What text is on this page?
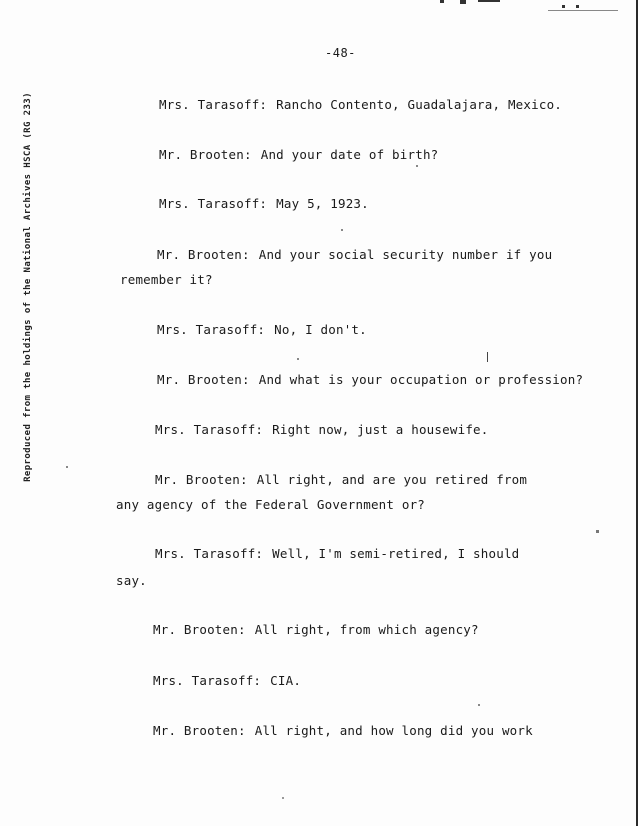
-48-
Reproduced from the holdings of the National Archives HSCA (RG 233)	Mrs. Tarasoff: Rancho Contento, Guadalajara, Mexico.
Mr. Brooten: And your date of birth?
Mrs. Tarasoff: May 5, 1923.
Mr. Brooten: And your social security number if you
remember it?
Mrs. Tarasoff: No, I don't.
Mr. Brooten: And what is your occupation or profession?
Mrs. Tarasoff: Right now, just a housewife.
Mr. Brooten: All right, and are you retired from
any agency of the Federal Government or?
Mrs. Tarasoff: Well, I'm semi-retired, I should
say.
Mr. Brooten: All right, from which agency?
Mrs. Tarasoff: CIA.
Mr. Brooten: All right, and how long did you work
